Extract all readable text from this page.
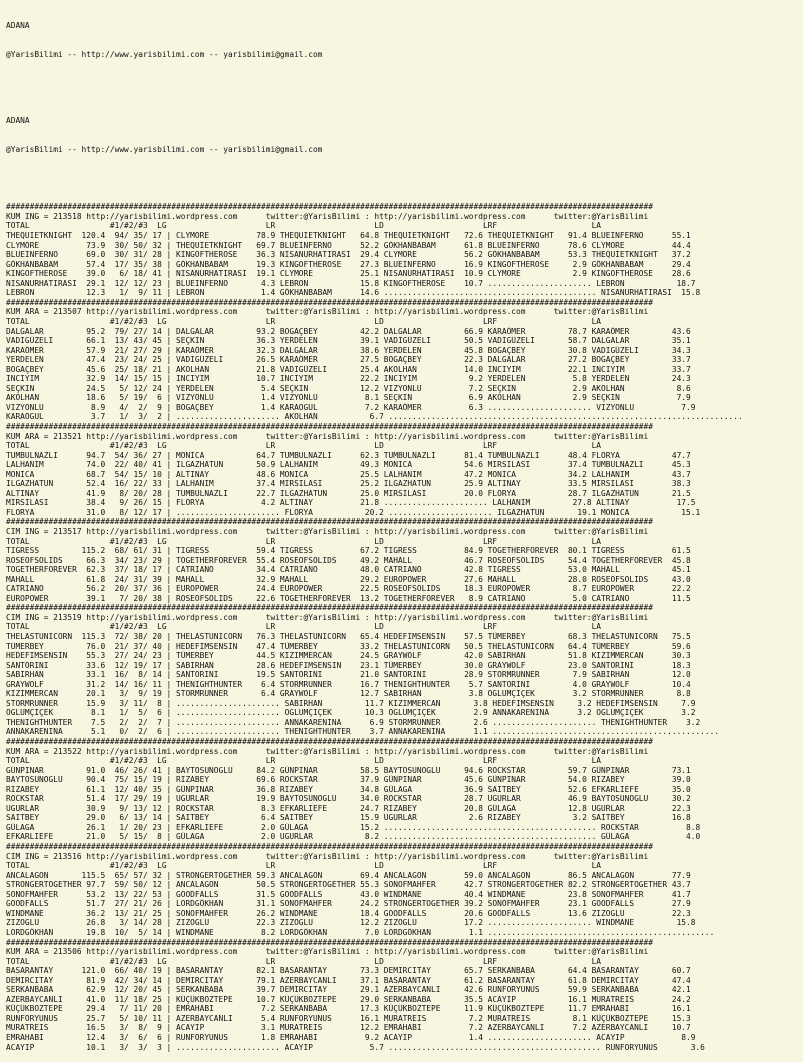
ADANA

@YarisBilimi -- http://www.yarisbilimi.com -- yarisbilimi@gmail.com

ADANA

@YarisBilimi -- http://www.yarisbilimi.com -- yarisbilimi@gmail.com

#########################################################################################################################################
KUM ING = 213518 http://yarisbilimi.wordpress.com      twitter:@YarisBilimi : http://yarisbilimi.wordpress.com      twitter:@YarisBilimi
TOTAL                 #1/#2/#3  LG                     LR                     LD                     LRF                    LA
THEQUIETKNIGHT  120.4  94/ 35/ 17 | CLYMORE          78.9 THEQUIETKNIGHT   64.8 THEQUIETKNIGHT   72.6 THEQUIETKNIGHT   91.4 BLUEINFERNO      55.1
CLYMORE          73.9  30/ 50/ 32 | THEQUIETKNIGHT   69.7 BLUEINFERNO      52.2 GÖKHANBABAM      61.8 BLUEINFERNO      78.6 CLYMORE          44.4
BLUEINFERNO      69.0  30/ 31/ 28 | KINGOFTHEROSE    36.3 NISANURHATIRASI  29.4 CLYMORE          56.2 GÖKHANBABAM      53.3 THEQUIETKNIGHT   37.2
GÖKHANBABAM      57.4  17/ 35/ 38 | GÖKHANBABAM      19.3 KINGOFTHEROSE    27.3 BLUEINFERNO      16.9 KINGOFTHEROSE     2.9 GÖKHANBABAM      29.4
KINGOFTHEROSE    39.0   6/ 18/ 41 | NISANURHATIRASI  19.1 CLYMORE          25.1 NISANURHATIRASI  10.9 CLYMORE           2.9 KINGOFTHEROSE    28.6
NISANURHATIRASI  29.1  12/ 12/ 23 | BLUEINFERNO       4.3 LEBRON           15.8 KINGOFTHEROSE    10.7 ...................... LEBRON           18.7
LEBRON           12.3   1/  9/ 11 | LEBRON            1.4 GÖKHANBABAM      14.6 ............................................. NISANURHATIRASI  15.8
#########################################################################################################################################
KUM ARA = 213507 http://yarisbilimi.wordpress.com      twitter:@YarisBilimi : http://yarisbilimi.wordpress.com      twitter:@YarisBilimi
TOTAL                 #1/#2/#3  LG                     LR                     LD                     LRF                    LA
DALGALAR         95.2  79/ 27/ 14 | DALGALAR         93.2 BOGAÇBEY         42.2 DALGALAR         66.9 KARAÖMER         78.7 KARAÖMER         43.6
VADIGÜZELI       66.1  13/ 43/ 45 | SEÇKIN           36.3 YERDELEN         39.1 VADIGÜZELI       50.5 VADIGÜZELI       58.7 DALGALAR         35.1
KARAÖMER         57.9  21/ 27/ 29 | KARAÖMER         32.3 DALGALAR         38.6 YERDELEN         45.8 BOGAÇBEY         30.8 VADIGÜZELI       34.3
YERDELEN         47.4  23/ 24/ 25 | VADIGÜZELI       26.5 KARAÖMER         27.5 BOGAÇBEY         22.3 DALGALAR         27.2 BOGAÇBEY         33.7
BOGAÇBEY         45.6  25/ 18/ 21 | AKOLHAN          21.8 VADIGÜZELI       25.4 AKOLHAN          14.0 INCIYIM          22.1 INCIYIM          33.7
INCIYIM          32.9  14/ 15/ 15 | INCIYIM          10.7 INCIYIM          22.2 INCIYIM           9.2 YERDELEN          5.8 YERDELEN         24.3
SEÇKIN           24.5   5/ 12/ 24 | YERDELEN          5.4 SEÇKIN           12.2 VIZYONLU          7.2 SEÇKIN            2.9 AKOLHAN           8.6
AKOLHAN          18.6   5/ 19/  6 | VIZYONLU          1.4 VIZYONLU          8.1 SEÇKIN            6.9 AKOLHAN           2.9 SEÇKIN            7.9
VIZYONLU          8.9   4/  2/  9 | BOGAÇBEY          1.4 KARAOGUL          7.2 KARAÖMER          6.3 ...................... VIZYONLU          7.9
KARAOGUL          3.7   1/  3/  2 | ...................... AKOLHAN           6.7 ...........................................................................
#########################################################################################################################################
KUM ARA = 213521 http://yarisbilimi.wordpress.com      twitter:@YarisBilimi : http://yarisbilimi.wordpress.com      twitter:@YarisBilimi
TOTAL                 #1/#2/#3  LG                     LR                     LD                     LRF                    LA
TUMBULNAZLI      94.7  54/ 36/ 27 | MONICA           64.7 TUMBULNAZLI      62.3 TUMBULNAZLI      81.4 TUMBULNAZLI      48.4 FLORYA           47.7
LALHANIM         74.0  22/ 40/ 41 | ILGAZHATUN       50.9 LALHANIM         49.3 MONICA           54.6 MIRSILASI        37.4 TUMBULNAZLI      45.3
MONICA           68.7  54/ 15/ 10 | ALTINAY          48.6 MONICA           25.5 LALHANIM         47.2 MONICA           34.2 LALHANIM         43.7
ILGAZHATUN       52.4  16/ 22/ 33 | LALHANIM         37.4 MIRSILASI        25.2 ILGAZHATUN       25.9 ALTINAY          33.5 MIRSILASI        38.3
ALTINAY          41.9   8/ 20/ 28 | TUMBULNAZLI      22.7 ILGAZHATUN       25.0 MIRSILASI        20.0 FLORYA           28.7 ILGAZHATUN       21.5
MIRSILASI        38.4   9/ 26/ 15 | FLORYA            4.2 ALTINAY          21.8 ...................... LALHANIM         27.8 ALTINAY          17.5
FLORYA           31.0   8/ 12/ 17 | ...................... FLORYA           20.2 ...................... ILGAZHATUN       19.1 MONICA           15.1
#########################################################################################################################################
CIM ING = 213517 http://yarisbilimi.wordpress.com      twitter:@YarisBilimi : http://yarisbilimi.wordpress.com      twitter:@YarisBilimi
TOTAL                 #1/#2/#3  LG                     LR                     LD                     LRF                    LA
TIGRESS         115.2  68/ 61/ 31 | TIGRESS          59.4 TIGRESS          67.2 TIGRESS          84.9 TOGETHERFOREVER  80.1 TIGRESS          61.5
ROSEOFSOLIDS     66.3  34/ 23/ 29 | TOGETHERFOREVER  55.4 ROSEOFSOLIDS     49.2 MAHALL           46.7 ROSEOFSOLIDS     54.4 TOGETHERFOREVER  45.8
TOGETHERFOREVER  62.3  37/ 18/ 17 | CATRIANO         34.4 CATRIANO         48.0 CATRIANO         42.8 TIGRESS          53.0 MAHALL           45.1
MAHALL           61.8  24/ 31/ 39 | MAHALL           32.9 MAHALL           29.2 EUROPOWER        27.6 MAHALL           28.0 ROSEOFSOLIDS     43.0
CATRIANO         56.2  20/ 37/ 36 | EUROPOWER        24.4 EUROPOWER        22.5 ROSEOFSOLIDS     18.3 EUROPOWER         8.7 EUROPOWER        22.2
EUROPOWER        39.1   7/ 20/ 38 | ROSEOFSOLIDS     22.6 TOGETHERFOREVER  13.2 TOGETHERFOREVER   8.9 CATRIANO          5.0 CATRIANO         11.5
#########################################################################################################################################
CIM ING = 213519 http://yarisbilimi.wordpress.com      twitter:@YarisBilimi : http://yarisbilimi.wordpress.com      twitter:@YarisBilimi
TOTAL                 #1/#2/#3  LG                     LR                     LD                     LRF                    LA
THELASTUNICORN  115.3  72/ 38/ 20 | THELASTUNICORN   76.3 THELASTUNICORN   65.4 HEDEFIMSENSIN    57.5 TÜMERBEY         68.3 THELASTUNICORN   75.5
TÜMERBEY         76.0  21/ 37/ 40 | HEDEFIMSENSIN    47.4 TÜMERBEY         33.2 THELASTUNICORN   50.5 THELASTUNICORN   64.4 TÜMERBEY         59.6
HEDEFIMSENSIN    55.3  27/ 24/ 23 | TÜMERBEY         44.5 KIZIMMERCAN      24.5 GRAYWOLF         42.0 SABIRHAN         51.8 KIZIMMERCAN      30.3
SANTORINI        33.6  12/ 19/ 17 | SABIRHAN         28.6 HEDEFIMSENSIN    23.1 TÜMERBEY         30.0 GRAYWOLF         23.0 SANTORINI        18.3
SABIRHAN         33.1  16/  8/ 14 | SANTORINI        19.5 SANTORINI        21.0 SANTORINI        28.9 STORMRUNNER       7.9 SABIRHAN         12.0
GRAYWOLF         31.2  14/ 16/ 11 | THENIGHTHUNTER    6.4 STORMRUNNER      16.7 THENIGHTHUNTER    5.7 SANTORINI         4.0 GRAYWOLF         10.4
KIZIMMERCAN      20.1   3/  9/ 19 | STORMRUNNER       6.4 GRAYWOLF         12.7 SABIRHAN          3.8 OGLUMÇIÇEK        3.2 STORMRUNNER       8.8
STORMRUNNER      15.9   3/ 11/  8 | ...................... SABIRHAN         11.7 KIZIMMERCAN       3.8 HEDEFIMSENSIN     3.2 HEDEFIMSENSIN     7.9
OGLUMÇIÇEK        8.1   1/  5/  6 | ...................... OGLUMÇIÇEK       10.3 OGLUMÇIÇEK        2.9 ANNAKARENINA      3.2 OGLUMÇIÇEK        3.2
THENIGHTHUNTER    7.5   2/  2/  7 | ...................... ANNAKARENINA      6.9 STORMRUNNER       2.6 ...................... THENIGHTHUNTER    3.2
ANNAKARENINA      5.1   0/  2/  6 | ...................... THENIGHTHUNTER    3.7 ANNAKARENINA      1.1 ................................................
#########################################################################################################################################
KUM ARA = 213522 http://yarisbilimi.wordpress.com      twitter:@YarisBilimi : http://yarisbilimi.wordpress.com      twitter:@YarisBilimi
TOTAL                 #1/#2/#3  LG                     LR                     LD                     LRF                    LA
GÜNPINAR         91.0  46/ 26/ 41 | BAYTOSUNOGLU     84.2 GÜNPINAR         58.5 BAYTOSUNOGLU     94.6 ROCKSTAR         59.7 GÜNPINAR         73.1
BAYTOSUNOGLU     90.4  75/ 15/ 19 | RIZABEY          69.6 ROCKSTAR         37.9 GÜNPINAR         45.6 GÜNPINAR         54.0 RIZABEY          39.0
RIZABEY          61.1  12/ 40/ 35 | GÜNPINAR         36.8 RIZABEY          34.8 GÜLAGA           36.9 SAITBEY          52.6 EFKARLIEFE       35.0
ROCKSTAR         51.4  17/ 29/ 19 | UGURLAR          19.9 BAYTOSUNOGLU     34.0 ROCKSTAR         28.7 UGURLAR          46.9 BAYTOSUNOGLU     30.2
UGURLAR          30.9   9/ 13/ 12 | ROCKSTAR          8.3 EFKARLIEFE       24.7 RIZABEY          20.8 GÜLAGA           12.8 UGURLAR          22.3
SAITBEY          29.0   6/ 13/ 14 | SAITBEY           6.4 SAITBEY          15.9 UGURLAR           2.6 RIZABEY           3.2 SAITBEY          16.8
GÜLAGA           26.1   1/ 20/ 23 | EFKARLIEFE        2.0 GÜLAGA           15.2 ............................................. ROCKSTAR          8.8
EFKARLIEFE       21.0   5/ 15/  8 | GÜLAGA            2.0 UGURLAR           8.2 ............................................. GÜLAGA            4.0
#########################################################################################################################################
CIM ING = 213516 http://yarisbilimi.wordpress.com      twitter:@YarisBilimi : http://yarisbilimi.wordpress.com      twitter:@YarisBilimi
TOTAL                 #1/#2/#3  LG                     LR                     LD                     LRF                    LA
ANCALAGON       115.5  65/ 57/ 32 | STRONGERTOGETHER 59.3 ANCALAGON        69.4 ANCALAGON        59.0 ANCALAGON        86.5 ANCALAGON        77.9
STRONGERTOGETHER 97.7  59/ 50/ 12 | ANCALAGON        50.5 STRONGERTOGETHER 55.3 SONOFMAHFER      42.7 STRONGERTOGETHER 82.2 STRONGERTOGETHER 43.7
SONOFMAHFER      53.2  13/ 22/ 53 | GOODFALLS        31.5 GOODFALLS        43.0 WINDMANE         40.4 WINDMANE         23.8 SONOFMAHFER      41.7
GOODFALLS        51.7  27/ 21/ 26 | LORDGÖKHAN       31.1 SONOFMAHFER      24.2 STRONGERTOGETHER 39.2 SONOFMAHFER      23.1 GOODFALLS        27.9
WINDMANE         36.2  13/ 21/ 25 | SONOFMAHFER      26.2 WINDMANE         18.4 GOODFALLS        20.6 GOODFALLS        13.6 ZIZOGLU          22.3
ZIZOGLU          26.8   3/ 14/ 28 | ZIZOGLU          22.3 ZIZOGLU          12.2 ZIZOGLU          17.2 ...................... WINDMANE         15.8
LORDGÖKHAN       19.8  10/  5/ 14 | WINDMANE          8.2 LORDGÖKHAN        7.0 LORDGÖKHAN        1.1 ................................................
#########################################################################################################################################
KUM ARA = 213506 http://yarisbilimi.wordpress.com      twitter:@YarisBilimi : http://yarisbilimi.wordpress.com      twitter:@YarisBilimi
TOTAL                 #1/#2/#3  LG                     LR                     LD                     LRF                    LA
BASARANTAY      121.0  66/ 40/ 19 | BASARANTAY       82.1 BASARANTAY       73.3 DEMIRCITAY       65.7 SERKANBABA       64.4 BASARANTAY       60.7
DEMIRCITAY       81.9  42/ 34/ 14 | DEMIRCITAY       79.1 AZERBAYCANLI     37.1 BASARANTAY       61.2 BASARANTAY       61.8 DEMIRCITAY       47.4
SERKANBABA       62.9  12/ 20/ 45 | SERKANBABA       39.7 DEMIRCITAY       29.1 AZERBAYCANLI     42.6 RUNFORYUNUS      59.9 SERKANBABA       42.1
AZERBAYCANLI     41.0  11/ 18/ 25 | KÜÇÜKBOZTEPE     10.7 KÜÇÜKBOZTEPE     29.0 SERKANBABA       35.5 ACAYIP           16.1 MURATREIS        24.2
KÜÇÜKBOZTEPE     29.4   7/ 11/ 20 | EMRAHABI          7.2 SERKANBABA       17.3 KÜÇÜKBOZTEPE     11.9 KÜÇÜKBOZTEPE     11.7 EMRAHABI         16.1
RUNFORYUNUS      25.7   5/ 10/ 11 | AZERBAYCANLI      5.4 RUNFORYUNUS      16.1 MURATREIS         7.2 MURATREIS         8.1 KÜÇÜKBOZTEPE     15.3
MURATREIS        16.5   3/  8/  9 | ACAYIP            3.1 MURATREIS        12.2 EMRAHABI          7.2 AZERBAYCANLI      7.2 AZERBAYCANLI     10.7
EMRAHABI         12.4   3/  6/  6 | RUNFORYUNUS       1.8 EMRAHABI          9.2 ACAYIP            1.4 ...................... ACAYIP            8.9
ACAYIP           10.1   3/  3/  3 | ...................... ACAYIP            5.7 ............................................. RUNFORYUNUS       3.6
